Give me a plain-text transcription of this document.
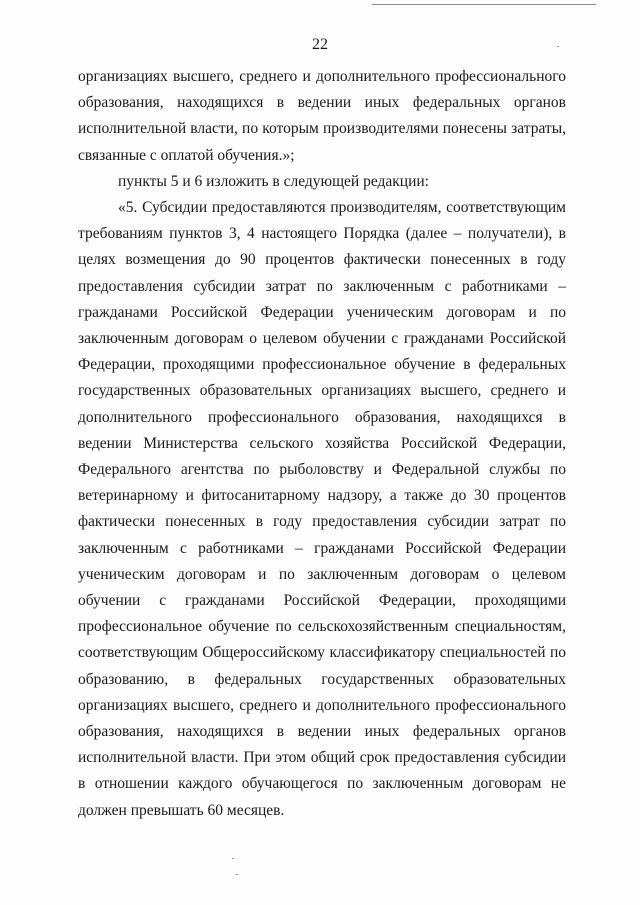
22

организациях высшего, среднего и дополнительного профессионального образования, находящихся в ведении иных федеральных органов исполнительной власти, по которым производителями понесены затраты, связанные с оплатой обучения.»;

пункты 5 и 6 изложить в следующей редакции:

«5. Субсидии предоставляются производителям, соответствующим требованиям пунктов 3, 4 настоящего Порядка (далее – получатели), в целях возмещения до 90 процентов фактически понесенных в году предоставления субсидии затрат по заключенным с работниками – гражданами Российской Федерации ученическим договорам и по заключенным договорам о целевом обучении с гражданами Российской Федерации, проходящими профессиональное обучение в федеральных государственных образовательных организациях высшего, среднего и дополнительного профессионального образования, находящихся в ведении Министерства сельского хозяйства Российской Федерации, Федерального агентства по рыболовству и Федеральной службы по ветеринарному и фитосанитарному надзору, а также до 30 процентов фактически понесенных в году предоставления субсидии затрат по заключенным с работниками – гражданами Российской Федерации ученическим договорам и по заключенным договорам о целевом обучении с гражданами Российской Федерации, проходящими профессиональное обучение по сельскохозяйственным специальностям, соответствующим Общероссийскому классификатору специальностей по образованию, в федеральных государственных образовательных организациях высшего, среднего и дополнительного профессионального образования, находящихся в ведении иных федеральных органов исполнительной власти. При этом общий срок предоставления субсидии в отношении каждого обучающегося по заключенным договорам не должен превышать 60 месяцев.
